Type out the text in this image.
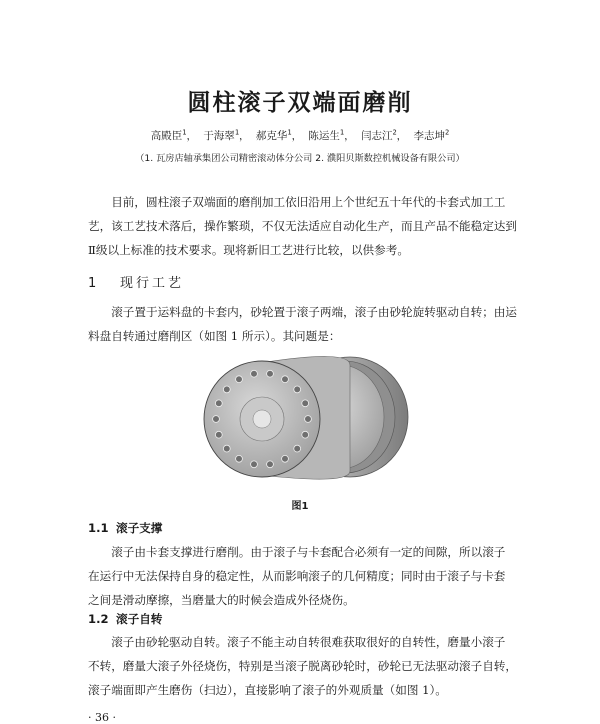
圆柱滚子双端面磨削
高殿臣$^1$， 于海翠$^1$， 郝克华$^1$， 陈运生$^1$， 闫志江$^2$， 李志坤$^2$
（1. 瓦房店轴承集团公司精密滚动体分公司 2. 濮阳贝斯数控机械设备有限公司）

目前，圆柱滚子双端面的磨削加工依旧沿用上个世纪五十年代的卡套式加工工

艺，该工艺技术落后，操作繁琐，不仅无法适应自动化生产，而且产品不能稳定达到

Ⅱ级以上标准的技术要求。现将新旧工艺进行比较，以供参考。

1 现行工艺

滚子置于运料盘的卡套内，砂轮置于滚子两端，滚子由砂轮旋转驱动自转；由运

料盘自转通过磨削区（如图 1 所示）。其问题是：

图1
1.1 滚子支撑

滚子由卡套支撑进行磨削。由于滚子与卡套配合必须有一定的间隙，所以滚子

在运行中无法保持自身的稳定性，从而影响滚子的几何精度；同时由于滚子与卡套

之间是滑动摩擦，当磨量大的时候会造成外径烧伤。

1.2 滚子自转

滚子由砂轮驱动自转。滚子不能主动自转很难获取很好的自转性，磨量小滚子

不转，磨量大滚子外径烧伤，特别是当滚子脱离砂轮时，砂轮已无法驱动滚子自转，

滚子端面即产生磨伤（扫边），直接影响了滚子的外观质量（如图 1）。

· 36 ·
